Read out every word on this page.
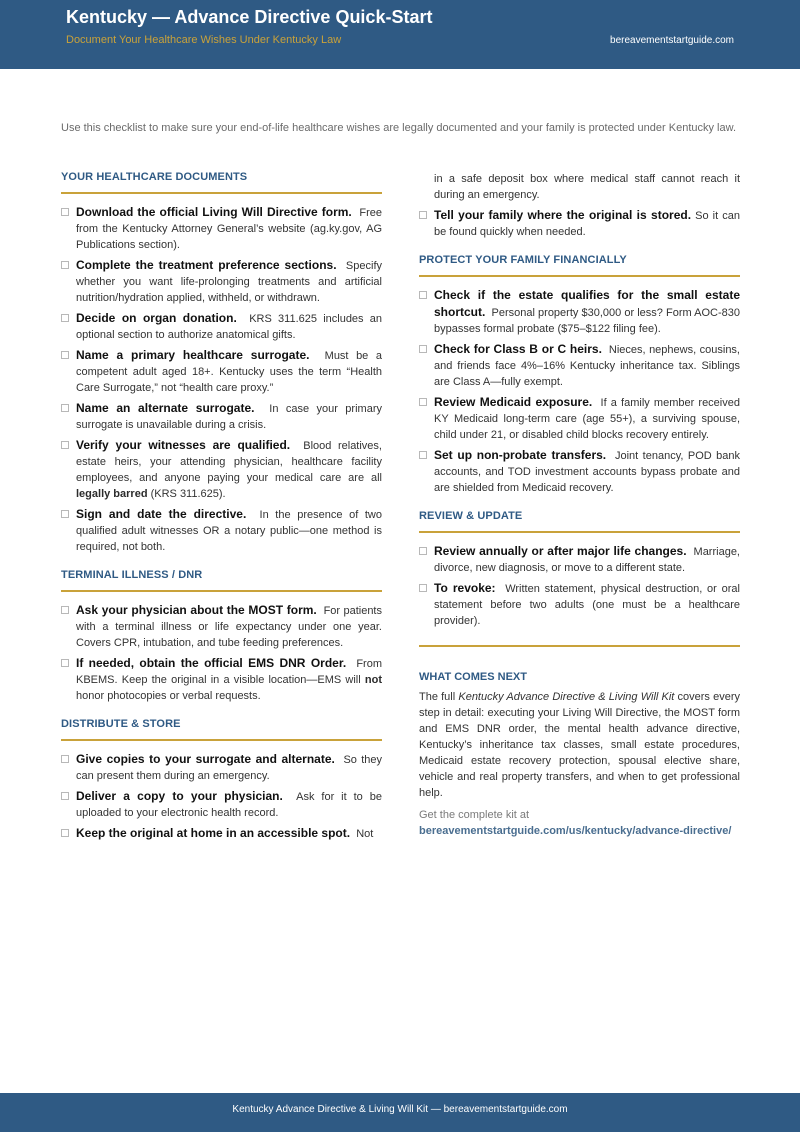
Kentucky — Advance Directive Quick-Start
Document Your Healthcare Wishes Under Kentucky Law	bereavementstartguide.com
Use this checklist to make sure your end-of-life healthcare wishes are legally documented and your family is protected under Kentucky law.
YOUR HEALTHCARE DOCUMENTS
Download the official Living Will Directive form. Free from the Kentucky Attorney General’s website (ag.ky.gov, AG Publications section).
Complete the treatment preference sections. Specify whether you want life-prolonging treatments and artificial nutrition/hydration applied, withheld, or withdrawn.
Decide on organ donation. KRS 311.625 includes an optional section to authorize anatomical gifts.
Name a primary healthcare surrogate. Must be a competent adult aged 18+. Kentucky uses the term “Health Care Surrogate,” not “health care proxy.”
Name an alternate surrogate. In case your primary surrogate is unavailable during a crisis.
Verify your witnesses are qualified. Blood relatives, estate heirs, your attending physician, healthcare facility employees, and anyone paying your medical care are all legally barred (KRS 311.625).
Sign and date the directive. In the presence of two qualified adult witnesses OR a notary public—one method is required, not both.
TERMINAL ILLNESS / DNR
Ask your physician about the MOST form. For patients with a terminal illness or life expectancy under one year. Covers CPR, intubation, and tube feeding preferences.
If needed, obtain the official EMS DNR Order. From KBEMS. Keep the original in a visible location—EMS will not honor photocopies or verbal requests.
DISTRIBUTE & STORE
Give copies to your surrogate and alternate. So they can present them during an emergency.
Deliver a copy to your physician. Ask for it to be uploaded to your electronic health record.
Keep the original at home in an accessible spot. Not
in a safe deposit box where medical staff cannot reach it during an emergency.
Tell your family where the original is stored. So it can be found quickly when needed.
PROTECT YOUR FAMILY FINANCIALLY
Check if the estate qualifies for the small estate shortcut. Personal property $30,000 or less? Form AOC-830 bypasses formal probate ($75–$122 filing fee).
Check for Class B or C heirs. Nieces, nephews, cousins, and friends face 4%–16% Kentucky inheritance tax. Siblings are Class A—fully exempt.
Review Medicaid exposure. If a family member received KY Medicaid long-term care (age 55+), a surviving spouse, child under 21, or disabled child blocks recovery entirely.
Set up non-probate transfers. Joint tenancy, POD bank accounts, and TOD investment accounts bypass probate and are shielded from Medicaid recovery.
REVIEW & UPDATE
Review annually or after major life changes. Marriage, divorce, new diagnosis, or move to a different state.
To revoke: Written statement, physical destruction, or oral statement before two adults (one must be a healthcare provider).
WHAT COMES NEXT
The full Kentucky Advance Directive & Living Will Kit covers every step in detail: executing your Living Will Directive, the MOST form and EMS DNR order, the mental health advance directive, Kentucky’s inheritance tax classes, small estate procedures, Medicaid estate recovery protection, spousal elective share, vehicle and real property transfers, and when to get professional help.
Get the complete kit at
bereavementstartguide.com/us/kentucky/advance-directive/
Kentucky Advance Directive & Living Will Kit — bereavementstartguide.com
